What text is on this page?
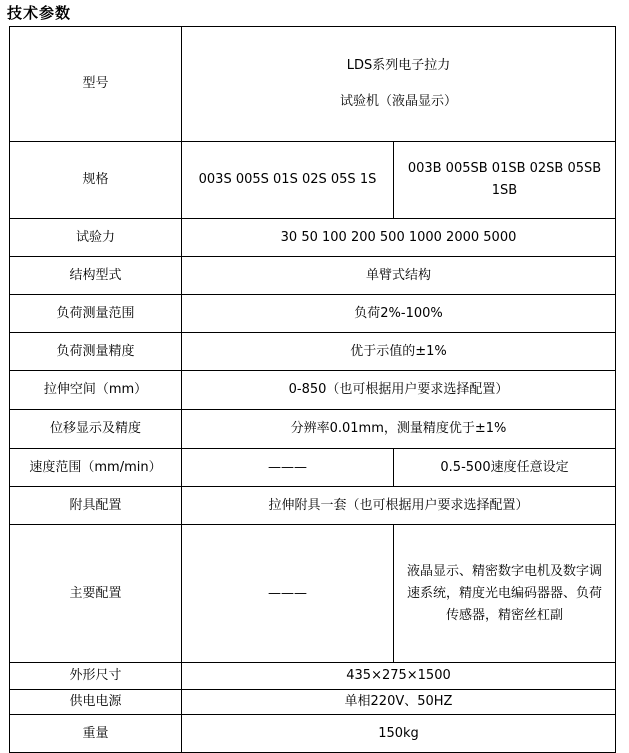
技术参数
型号	LDS系列电子拉力
试验机（液晶显示）	

规格	003S 005S 01S 02S 05S 1S	003B 005SB 01SB 02SB 05SB 1SB
试验力	30 50 100 200 500 1000 2000 5000	
结构型式	单臂式结构	
负荷测量范围	负荷2%-100%	
负荷测量精度	优于示值的±1%	
拉伸空间（mm）	0-850（也可根据用户要求选择配置）	
位移显示及精度	分辨率0.01mm，测量精度优于±1%	
速度范围（mm/min）	———	0.5-500速度任意设定
附具配置	拉伸附具一套（也可根据用户要求选择配置）	
主要配置	———	液晶显示、精密数字电机及数字调速系统，精度光电编码器器、负荷传感器，精密丝杠副
外形尺寸	435×275×1500	
供电电源	单相220V、50HZ	
重量	150kg	
